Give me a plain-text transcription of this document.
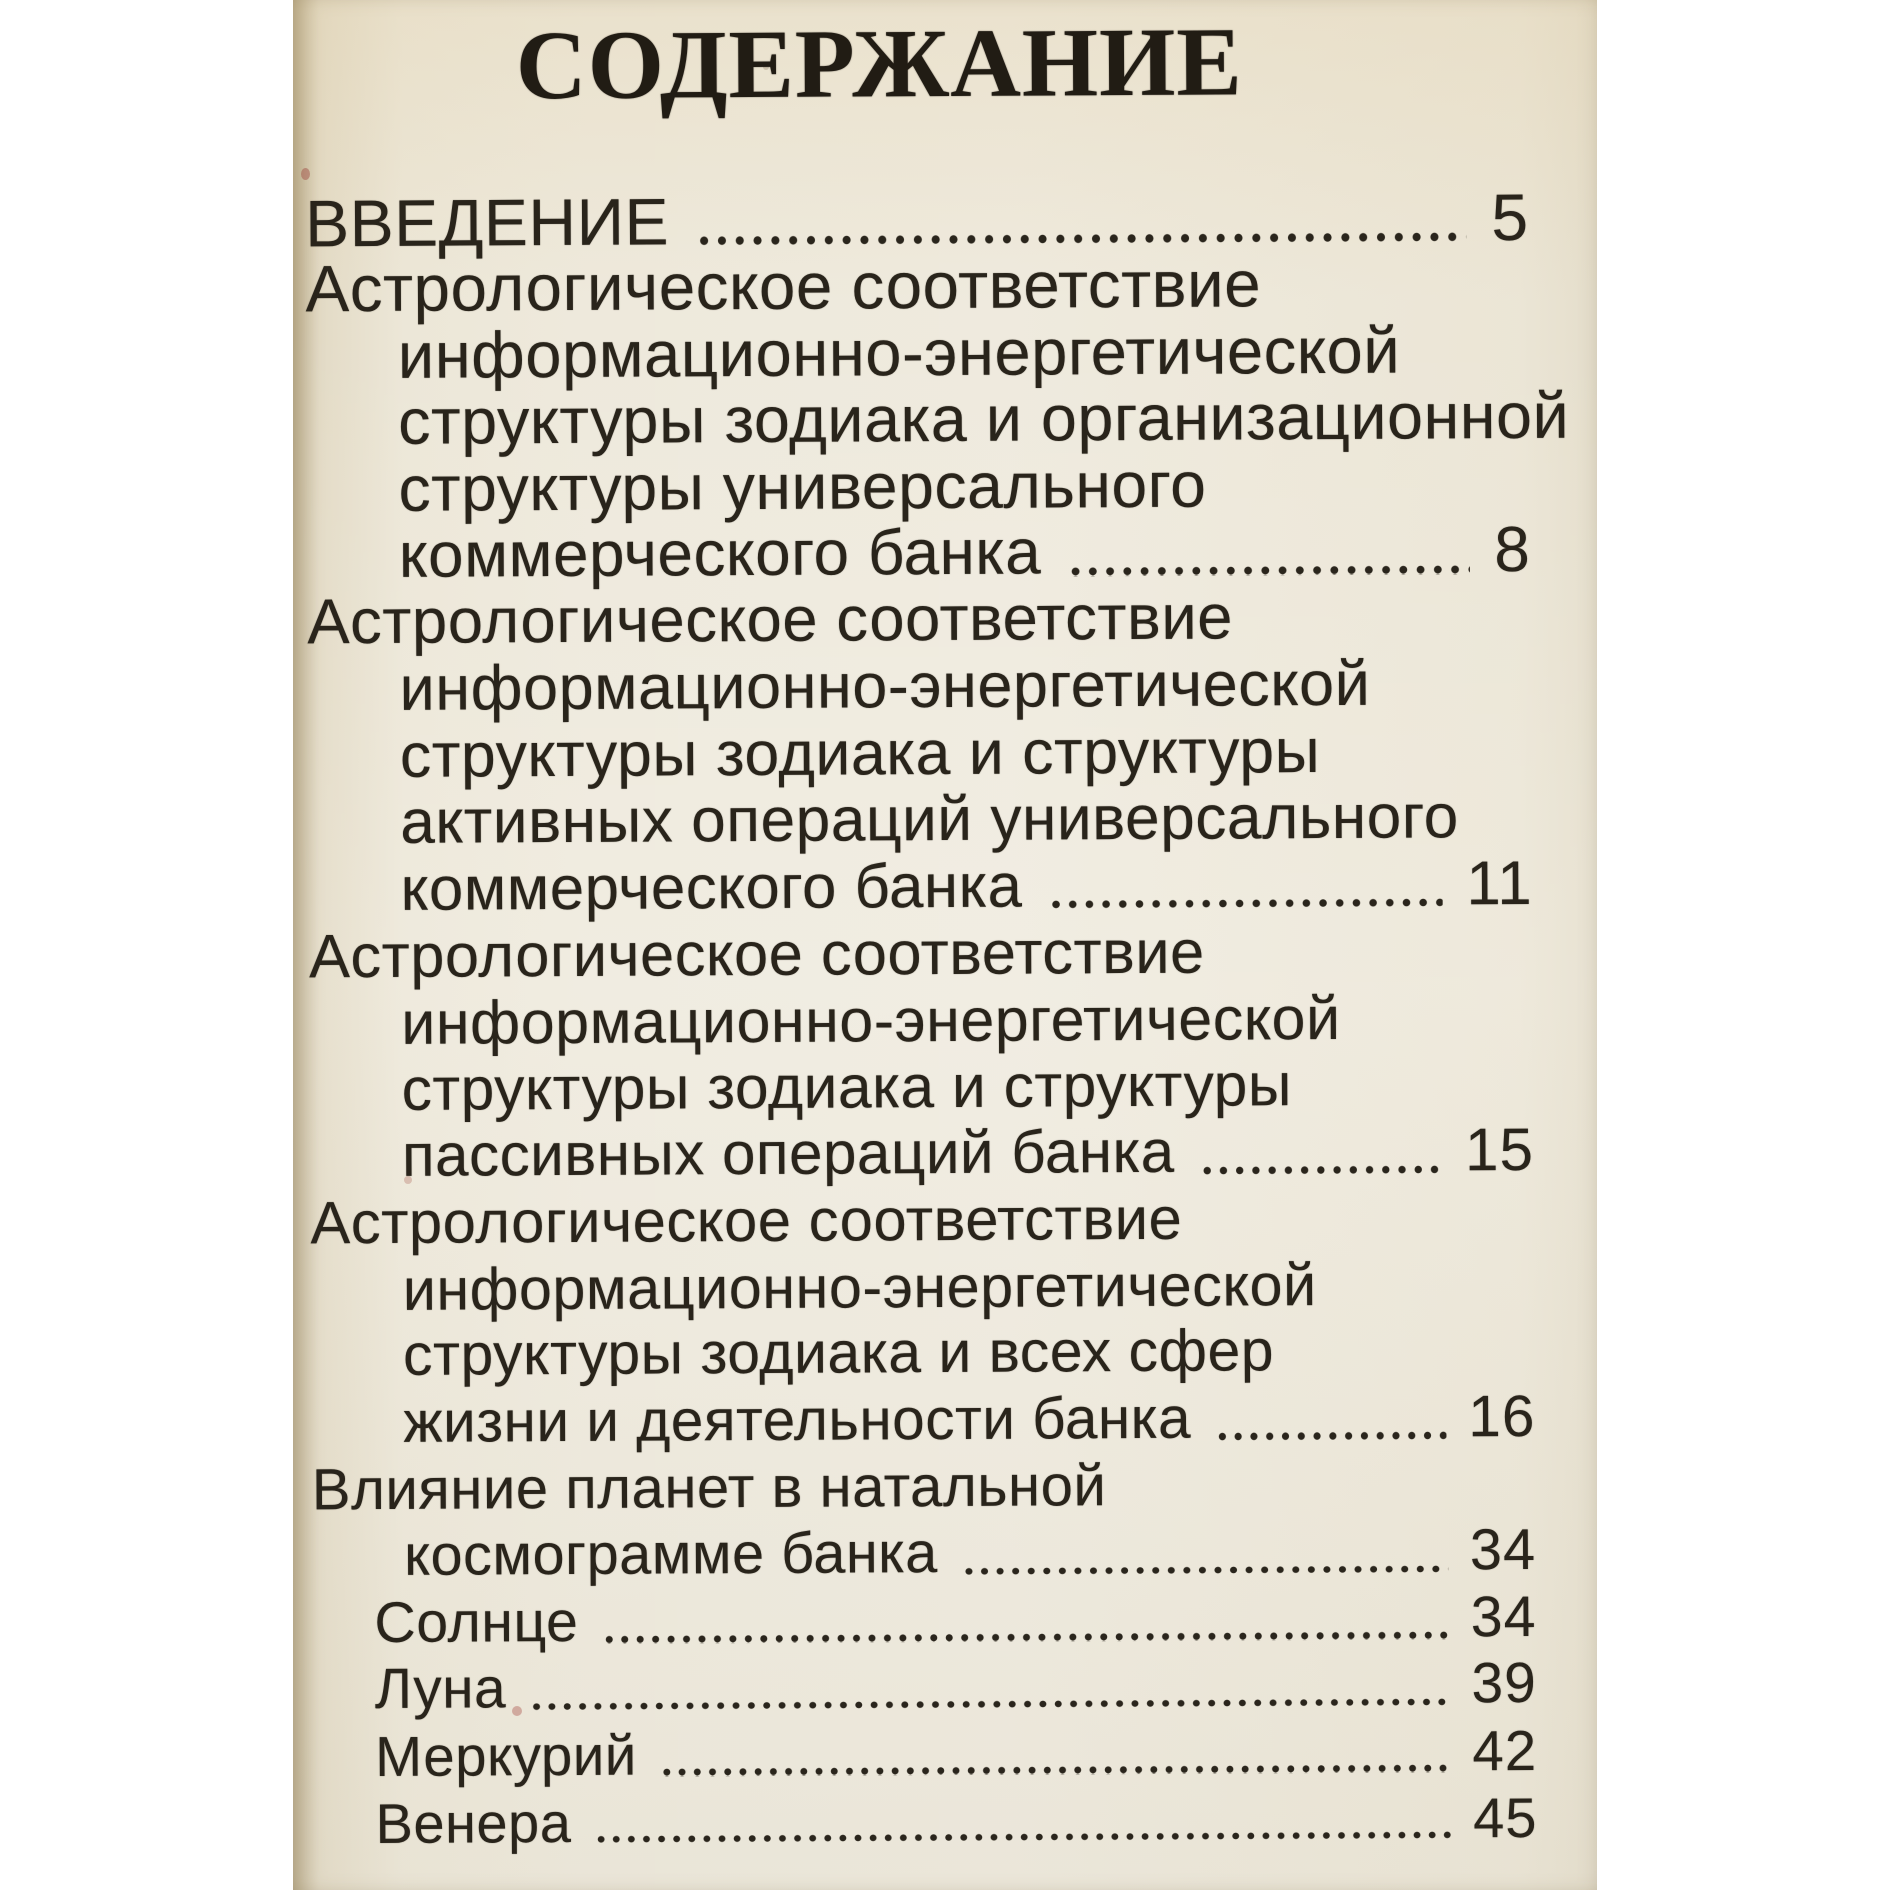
СОДЕРЖАНИЕ
ВВЕДЕНИЕ	5
Астрологическое соответствие
информационно-энергетической
структуры зодиака и организационной
структуры универсального
коммерческого банка	8
Астрологическое соответствие
информационно-энергетической
структуры зодиака и структуры
активных операций универсального
коммерческого банка	11
Астрологическое соответствие
информационно-энергетической
структуры зодиака и структуры
пассивных операций банка	15
Астрологическое соответствие
информационно-энергетической
структуры зодиака и всех сфер
жизни и деятельности банка	16
Влияние планет в натальной
космограмме банка	34
Солнце	34
Луна	39
Меркурий	42
Венера	45
